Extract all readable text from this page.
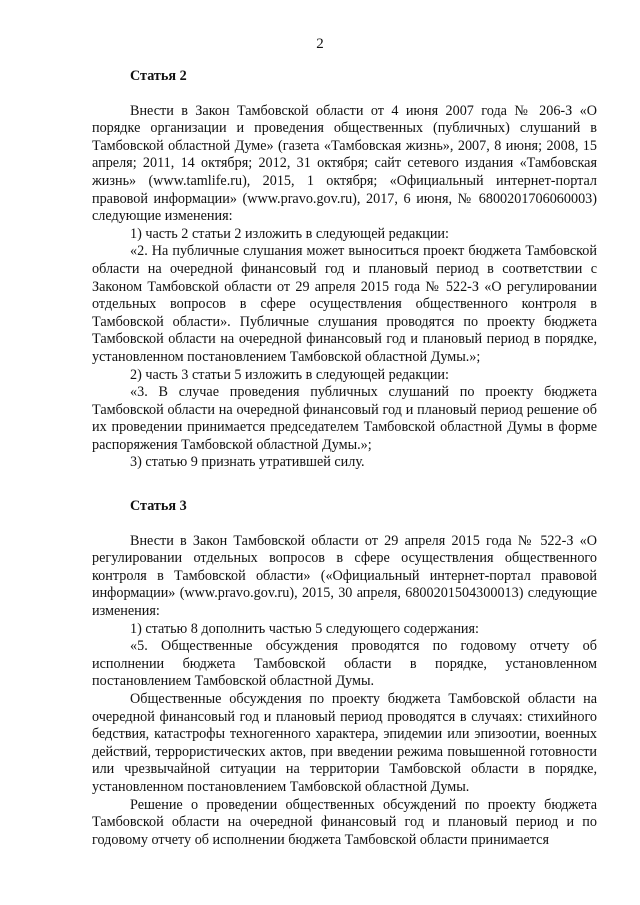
2
Статья 2

Внести в Закон Тамбовской области от 4 июня 2007 года № 206-З «О порядке организации и проведения общественных (публичных) слушаний в Тамбовской областной Думе» (газета «Тамбовская жизнь», 2007, 8 июня; 2008, 15 апреля; 2011, 14 октября; 2012, 31 октября; сайт сетевого издания «Тамбовская жизнь» (www.tamlife.ru), 2015, 1 октября; «Официальный интернет-портал правовой информации» (www.pravo.gov.ru), 2017, 6 июня, № 6800201706060003) следующие изменения:

1) часть 2 статьи 2 изложить в следующей редакции:

«2. На публичные слушания может выноситься проект бюджета Тамбовской области на очередной финансовый год и плановый период в соответствии с Законом Тамбовской области от 29 апреля 2015 года № 522-З «О регулировании отдельных вопросов в сфере осуществления общественного контроля в Тамбовской области». Публичные слушания проводятся по проекту бюджета Тамбовской области на очередной финансовый год и плановый период в порядке, установленном постановлением Тамбовской областной Думы.»;

2) часть 3 статьи 5 изложить в следующей редакции:

«3. В случае проведения публичных слушаний по проекту бюджета Тамбовской области на очередной финансовый год и плановый период решение об их проведении принимается председателем Тамбовской областной Думы в форме распоряжения Тамбовской областной Думы.»;

3) статью 9 признать утратившей силу.

Статья 3

Внести в Закон Тамбовской области от 29 апреля 2015 года № 522-З «О регулировании отдельных вопросов в сфере осуществления общественного контроля в Тамбовской области» («Официальный интернет-портал правовой информации» (www.pravo.gov.ru), 2015, 30 апреля, 6800201504300013) следующие изменения:

1) статью 8 дополнить частью 5 следующего содержания:

«5. Общественные обсуждения проводятся по годовому отчету об исполнении бюджета Тамбовской области в порядке, установленном постановлением Тамбовской областной Думы.

Общественные обсуждения по проекту бюджета Тамбовской области на очередной финансовый год и плановый период проводятся в случаях: стихийного бедствия, катастрофы техногенного характера, эпидемии или эпизоотии, военных действий, террористических актов, при введении режима повышенной готовности или чрезвычайной ситуации на территории Тамбовской области в порядке, установленном постановлением Тамбовской областной Думы.

Решение о проведении общественных обсуждений по проекту бюджета Тамбовской области на очередной финансовый год и плановый период и по годовому отчету об исполнении бюджета Тамбовской области принимается
